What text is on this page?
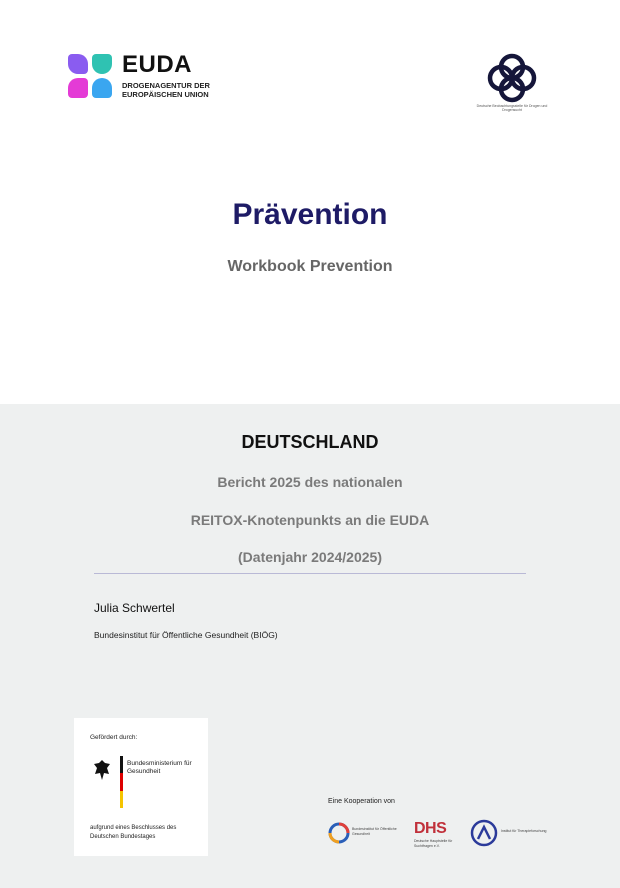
EUDA
DROGENAGENTUR DER EUROPÄISCHEN UNION
Deutsche Beobachtungsstelle für Drogen und Drogensucht
Prävention
Workbook Prevention
DEUTSCHLAND
Bericht 2025 des nationalen
REITOX-Knotenpunkts an die EUDA
(Datenjahr 2024/2025)
Julia Schwertel
Bundesinstitut für Öffentliche Gesundheit (BIÖG)
Gefördert durch:
Bundesministerium für Gesundheit
aufgrund eines Beschlusses des Deutschen Bundestages
Eine Kooperation von
Bundesinstitut für Öffentliche Gesundheit	DHS
Deutsche Hauptstelle für Suchtfragen e.V.
Institut für Therapieforschung
